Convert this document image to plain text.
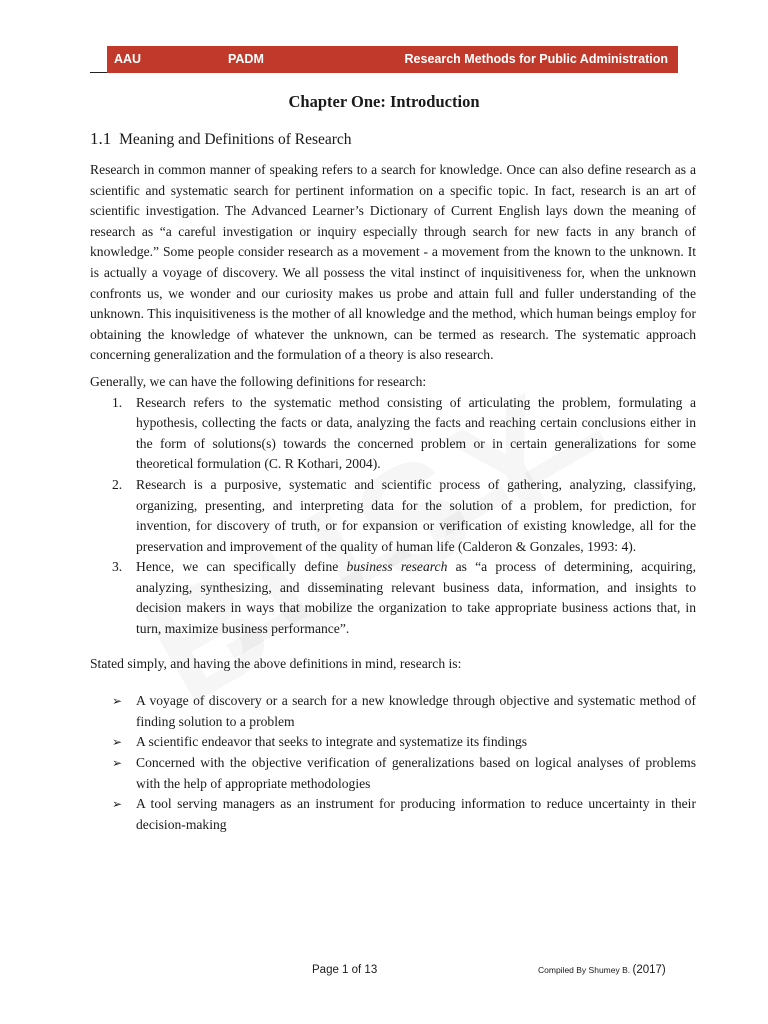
AAU	PADM	Research Methods for Public Administration
Chapter One: Introduction
1.1 Meaning and Definitions of Research

Research in common manner of speaking refers to a search for knowledge. Once can also define research as a scientific and systematic search for pertinent information on a specific topic. In fact, research is an art of scientific investigation. The Advanced Learner’s Dictionary of Current English lays down the meaning of research as “a careful investigation or inquiry especially through search for new facts in any branch of knowledge.” Some people consider research as a movement - a movement from the known to the unknown. It is actually a voyage of discovery. We all possess the vital instinct of inquisitiveness for, when the unknown confronts us, we wonder and our curiosity makes us probe and attain full and fuller understanding of the unknown. This inquisitiveness is the mother of all knowledge and the method, which human beings employ for obtaining the knowledge of whatever the unknown, can be termed as research. The systematic approach concerning generalization and the formulation of a theory is also research.

Generally, we can have the following definitions for research:

1. Research refers to the systematic method consisting of articulating the problem, formulating a hypothesis, collecting the facts or data, analyzing the facts and reaching certain conclusions either in the form of solutions(s) towards the concerned problem or in certain generalizations for some theoretical formulation (C. R Kothari, 2004).
2. Research is a purposive, systematic and scientific process of gathering, analyzing, classifying, organizing, presenting, and interpreting data for the solution of a problem, for prediction, for invention, for discovery of truth, or for expansion or verification of existing knowledge, all for the preservation and improvement of the quality of human life (Calderon & Gonzales, 1993: 4).
3. Hence, we can specifically define business research as “a process of determining, acquiring, analyzing, synthesizing, and disseminating relevant business data, information, and insights to decision makers in ways that mobilize the organization to take appropriate business actions that, in turn, maximize business performance”.

Stated simply, and having the above definitions in mind, research is:

➢ A voyage of discovery or a search for a new knowledge through objective and systematic method of finding solution to a problem
➢ A scientific endeavor that seeks to integrate and systematize its findings
➢ Concerned with the objective verification of generalizations based on logical analyses of problems with the help of appropriate methodologies
➢ A tool serving managers as an instrument for producing information to reduce uncertainty in their decision-making
Page 1 of 13	Compiled By Shumey B. (2017)
